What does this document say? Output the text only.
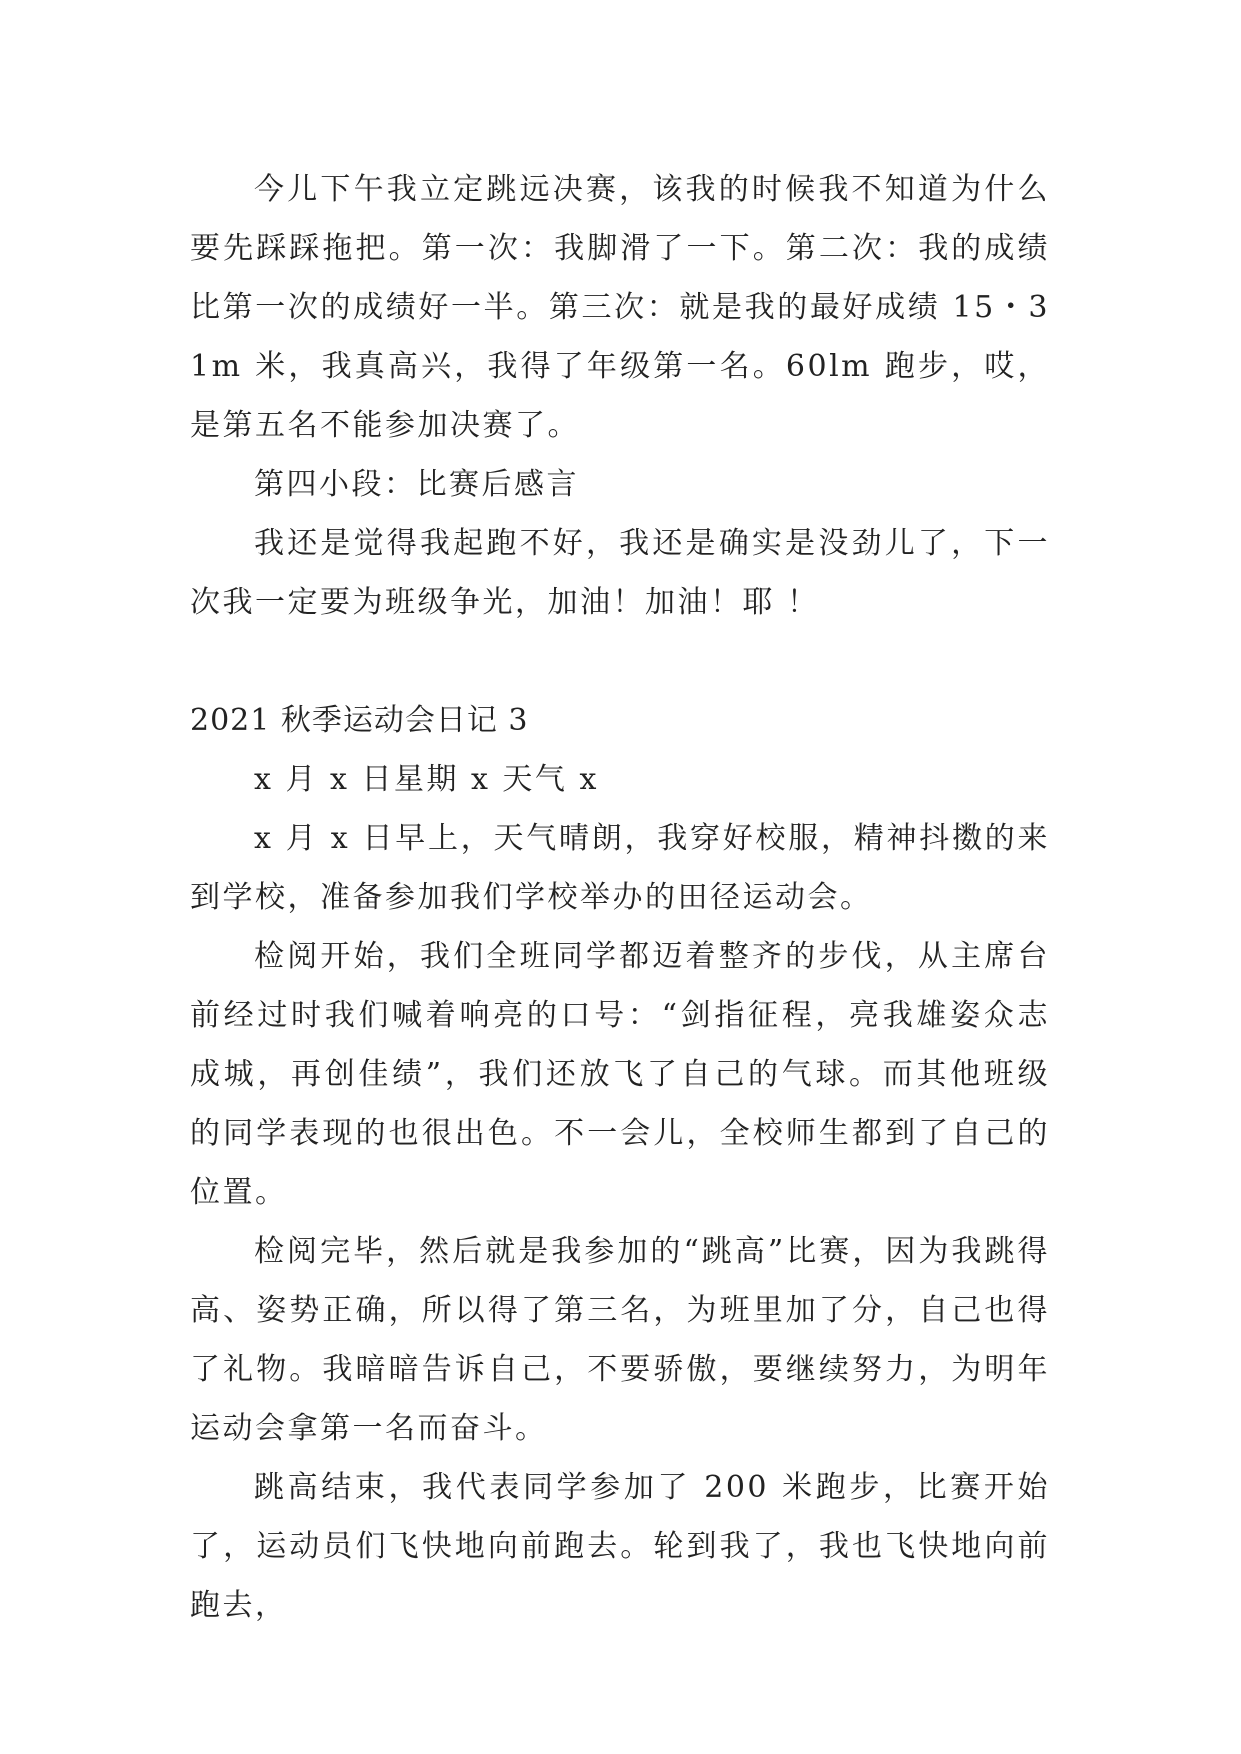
今儿下午我立定跳远决赛，该我的时候我不知道为什么要先踩踩拖把。第一次：我脚滑了一下。第二次：我的成绩比第一次的成绩好一半。第三次：就是我的最好成绩 15・31m 米，我真高兴，我得了年级第一名。60lm 跑步，哎，是第五名不能参加决赛了。

第四小段：比赛后感言

我还是觉得我起跑不好，我还是确实是没劲儿了，下一次我一定要为班级争光，加油！加油！耶 ！

2021 秋季运动会日记 3

x 月 x 日星期 x 天气 x

x 月 x 日早上，天气晴朗，我穿好校服，精神抖擞的来到学校，准备参加我们学校举办的田径运动会。

检阅开始，我们全班同学都迈着整齐的步伐，从主席台前经过时我们喊着响亮的口号：“剑指征程，亮我雄姿众志成城，再创佳绩”，我们还放飞了自己的气球。而其他班级的同学表现的也很出色。不一会儿，全校师生都到了自己的位置。

检阅完毕，然后就是我参加的“跳高”比赛，因为我跳得高、姿势正确，所以得了第三名，为班里加了分，自己也得了礼物。我暗暗告诉自己，不要骄傲，要继续努力，为明年运动会拿第一名而奋斗。

跳高结束，我代表同学参加了 200 米跑步，比赛开始了，运动员们飞快地向前跑去。轮到我了，我也飞快地向前跑去，
